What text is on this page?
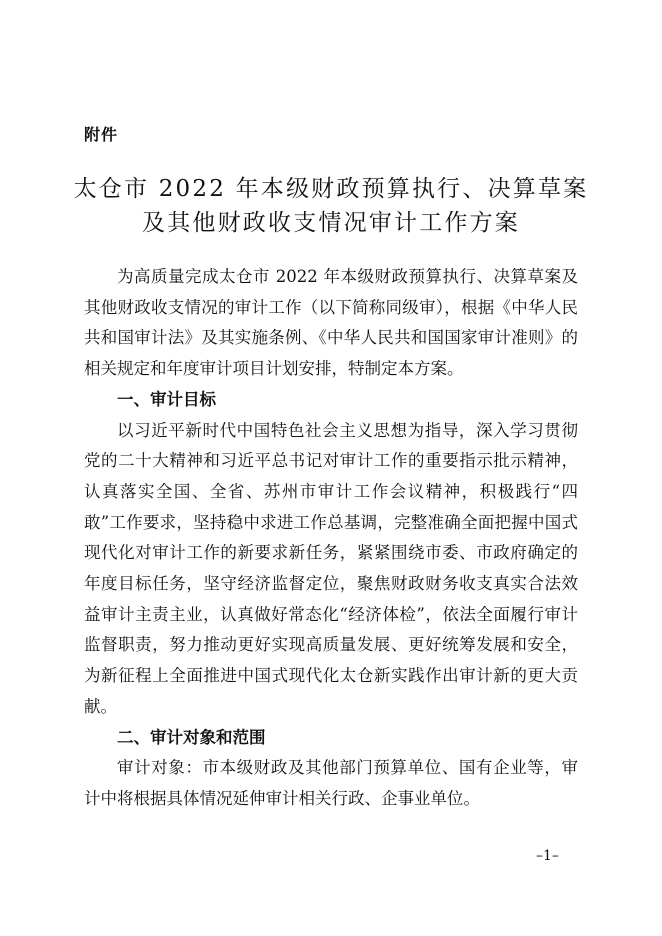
附件
太仓市 2022 年本级财政预算执行、决算草案
及其他财政收支情况审计工作方案

为高质量完成太仓市 2022 年本级财政预算执行、决算草案及其他财政收支情况的审计工作（以下简称同级审），根据《中华人民共和国审计法》及其实施条例、《中华人民共和国国家审计准则》的相关规定和年度审计项目计划安排，特制定本方案。

一、审计目标

以习近平新时代中国特色社会主义思想为指导，深入学习贯彻党的二十大精神和习近平总书记对审计工作的重要指示批示精神，认真落实全国、全省、苏州市审计工作会议精神，积极践行“四敢”工作要求，坚持稳中求进工作总基调，完整准确全面把握中国式现代化对审计工作的新要求新任务，紧紧围绕市委、市政府确定的年度目标任务，坚守经济监督定位，聚焦财政财务收支真实合法效益审计主责主业，认真做好常态化“经济体检”，依法全面履行审计监督职责，努力推动更好实现高质量发展、更好统筹发展和安全，为新征程上全面推进中国式现代化太仓新实践作出审计新的更大贡献。

二、审计对象和范围

审计对象：市本级财政及其他部门预算单位、国有企业等，审计中将根据具体情况延伸审计相关行政、企事业单位。

–1–
